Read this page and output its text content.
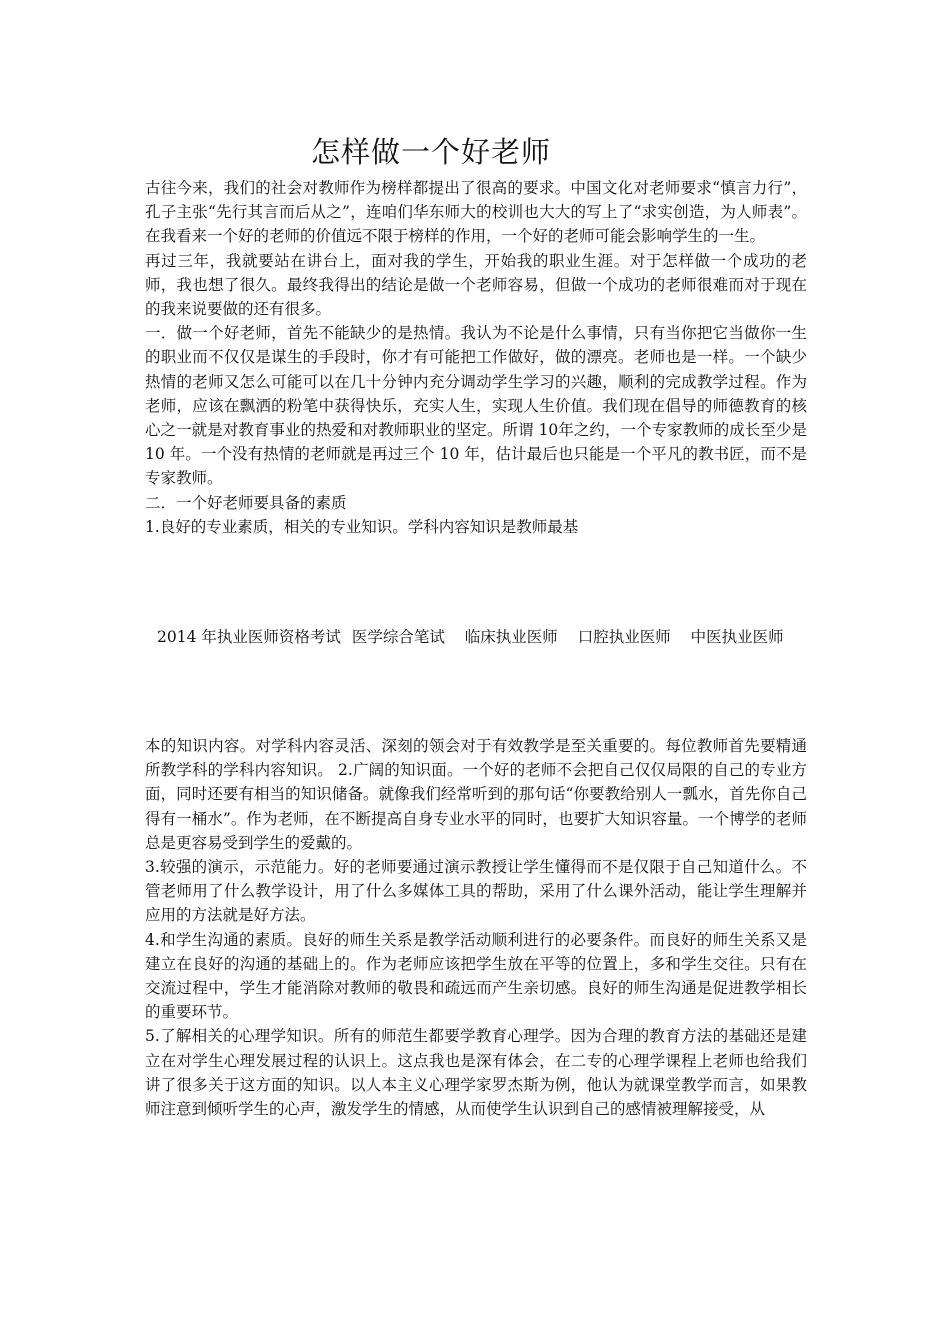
怎样做一个好老师

古往今来，我们的社会对教师作为榜样都提出了很高的要求。中国文化对老师要求“慎言力行”，孔子主张“先行其言而后从之”，连咱们华东师大的校训也大大的写上了“求实创造，为人师表”。在我看来一个好的老师的价值远不限于榜样的作用，一个好的老师可能会影响学生的一生。

再过三年，我就要站在讲台上，面对我的学生，开始我的职业生涯。对于怎样做一个成功的老师，我也想了很久。最终我得出的结论是做一个老师容易，但做一个成功的老师很难而对于现在的我来说要做的还有很多。

一．做一个好老师，首先不能缺少的是热情。我认为不论是什么事情，只有当你把它当做你一生的职业而不仅仅是谋生的手段时，你才有可能把工作做好，做的漂亮。老师也是一样。一个缺少热情的老师又怎么可能可以在几十分钟内充分调动学生学习的兴趣，顺利的完成教学过程。作为老师，应该在飘洒的粉笔中获得快乐，充实人生，实现人生价值。我们现在倡导的师德教育的核心之一就是对教育事业的热爱和对教师职业的坚定。所谓 10年之约，一个专家教师的成长至少是 10 年。一个没有热情的老师就是再过三个 10 年，估计最后也只能是一个平凡的教书匠，而不是专家教师。

二．一个好老师要具备的素质

1.良好的专业素质，相关的专业知识。学科内容知识是教师最基

2014 年执业医师资格考试 医学综合笔试 临床执业医师 口腔执业医师 中医执业医师

本的知识内容。对学科内容灵活、深刻的领会对于有效教学是至关重要的。每位教师首先要精通所教学科的学科内容知识。 2.广阔的知识面。一个好的老师不会把自己仅仅局限的自己的专业方面，同时还要有相当的知识储备。就像我们经常听到的那句话“你要教给别人一瓢水，首先你自己得有一桶水”。作为老师，在不断提高自身专业水平的同时，也要扩大知识容量。一个博学的老师总是更容易受到学生的爱戴的。

3.较强的演示，示范能力。好的老师要通过演示教授让学生懂得而不是仅限于自己知道什么。不管老师用了什么教学设计，用了什么多媒体工具的帮助，采用了什么课外活动，能让学生理解并应用的方法就是好方法。

4.和学生沟通的素质。良好的师生关系是教学活动顺利进行的必要条件。而良好的师生关系又是建立在良好的沟通的基础上的。作为老师应该把学生放在平等的位置上，多和学生交往。只有在交流过程中，学生才能消除对教师的敬畏和疏远而产生亲切感。良好的师生沟通是促进教学相长的重要环节。

5.了解相关的心理学知识。所有的师范生都要学教育心理学。因为合理的教育方法的基础还是建立在对学生心理发展过程的认识上。这点我也是深有体会，在二专的心理学课程上老师也给我们讲了很多关于这方面的知识。以人本主义心理学家罗杰斯为例，他认为就课堂教学而言，如果教师注意到倾听学生的心声，激发学生的情感，从而使学生认识到自己的感情被理解接受，从
